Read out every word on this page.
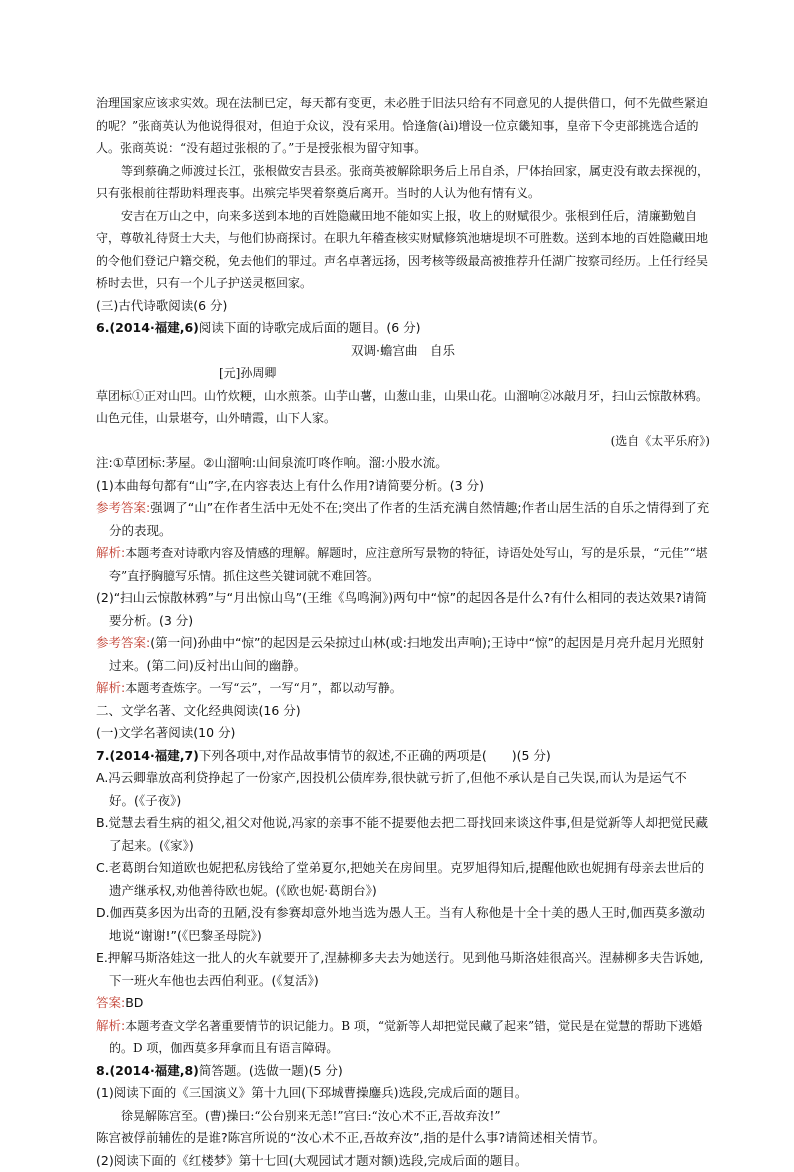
治理国家应该求实效。现在法制已定，每天都有变更，未必胜于旧法只给有不同意见的人提供借口，何不先做些紧迫的呢？”张商英认为他说得很对，但迫于众议，没有采用。恰逢詹(ài)增设一位京畿知事，皇帝下令吏部挑选合适的人。张商英说：“没有超过张根的了。”于是授张根为留守知事。

等到蔡确之师渡过长江，张根做安吉县丞。张商英被解除职务后上吊自杀，尸体抬回家，属吏没有敢去探视的，只有张根前往帮助料理丧事。出殡完毕哭着祭奠后离开。当时的人认为他有情有义。

安吉在万山之中，向来多送到本地的百姓隐藏田地不能如实上报，收上的财赋很少。张根到任后，清廉勤勉自守，尊敬礼待贤士大夫，与他们协商探讨。在职九年稽查核实财赋修筑池塘堤坝不可胜数。送到本地的百姓隐藏田地的令他们登记户籍交税，免去他们的罪过。声名卓著远扬，因考核等级最高被推荐升任湖广按察司经历。上任行经吴桥时去世，只有一个儿子护送灵柩回家。

(三)古代诗歌阅读(6 分)

6.(2014·福建,6)阅读下面的诗歌完成后面的题目。(6 分)

双调·蟾宫曲　自乐

[元]孙周卿

草团标①正对山凹。山竹炊粳，山水煎茶。山芋山薯，山葱山韭，山果山花。山溜响②冰敲月牙，扫山云惊散林鸦。山色元佳，山景堪夸，山外晴霞，山下人家。

(选自《太平乐府》)

注:①草团标:茅屋。②山溜响:山间泉流叮咚作响。溜:小股水流。

(1)本曲每句都有“山”字,在内容表达上有什么作用?请简要分析。(3 分)

参考答案:强调了“山”在作者生活中无处不在;突出了作者的生活充满自然情趣;作者山居生活的自乐之情得到了充分的表现。

解析:本题考查对诗歌内容及情感的理解。解题时，应注意所写景物的特征，诗语处处写山，写的是乐景，“元佳”“堪夸”直抒胸臆写乐情。抓住这些关键词就不难回答。

(2)“扫山云惊散林鸦”与“月出惊山鸟”(王维《鸟鸣涧》)两句中“惊”的起因各是什么?有什么相同的表达效果?请简要分析。(3 分)

参考答案:(第一问)孙曲中“惊”的起因是云朵掠过山林(或:扫地发出声响);王诗中“惊”的起因是月亮升起月光照射过来。(第二问)反衬出山间的幽静。

解析:本题考查炼字。一写“云”，一写“月”，都以动写静。

二、文学名著、文化经典阅读(16 分)

(一)文学名著阅读(10 分)

7.(2014·福建,7)下列各项中,对作品故事情节的叙述,不正确的两项是(　　)(5 分)

A.冯云卿靠放高利贷挣起了一份家产,因投机公债库券,很快就亏折了,但他不承认是自己失误,而认为是运气不好。(《子夜》)

B.觉慧去看生病的祖父,祖父对他说,冯家的亲事不能不提要他去把二哥找回来谈这件事,但是觉新等人却把觉民藏了起来。(《家》)

C.老葛朗台知道欧也妮把私房钱给了堂弟夏尔,把她关在房间里。克罗旭得知后,提醒他欧也妮拥有母亲去世后的遗产继承权,劝他善待欧也妮。(《欧也妮·葛朗台》)

D.伽西莫多因为出奇的丑陋,没有参赛却意外地当选为愚人王。当有人称他是十全十美的愚人王时,伽西莫多激动地说“谢谢!”(《巴黎圣母院》)

E.押解马斯洛娃这一批人的火车就要开了,涅赫柳多夫去为她送行。见到他马斯洛娃很高兴。涅赫柳多夫告诉她,下一班火车他也去西伯利亚。(《复活》)

答案:BD

解析:本题考查文学名著重要情节的识记能力。B 项，“觉新等人却把觉民藏了起来”错，觉民是在觉慧的帮助下逃婚的。D 项，伽西莫多拜拿而且有语言障碍。

8.(2014·福建,8)简答题。(选做一题)(5 分)

(1)阅读下面的《三国演义》第十九回(下邳城曹操鏖兵)选段,完成后面的题目。

徐晃解陈宫至。(曹)操曰:“公台别来无恙!”宫曰:“汝心术不正,吾故弃汝!”

陈宫被俘前辅佐的是谁?陈宫所说的“汝心术不正,吾故弃汝”,指的是什么事?请简述相关情节。

(2)阅读下面的《红楼梦》第十七回(大观园试才题对额)选段,完成后面的题目。
